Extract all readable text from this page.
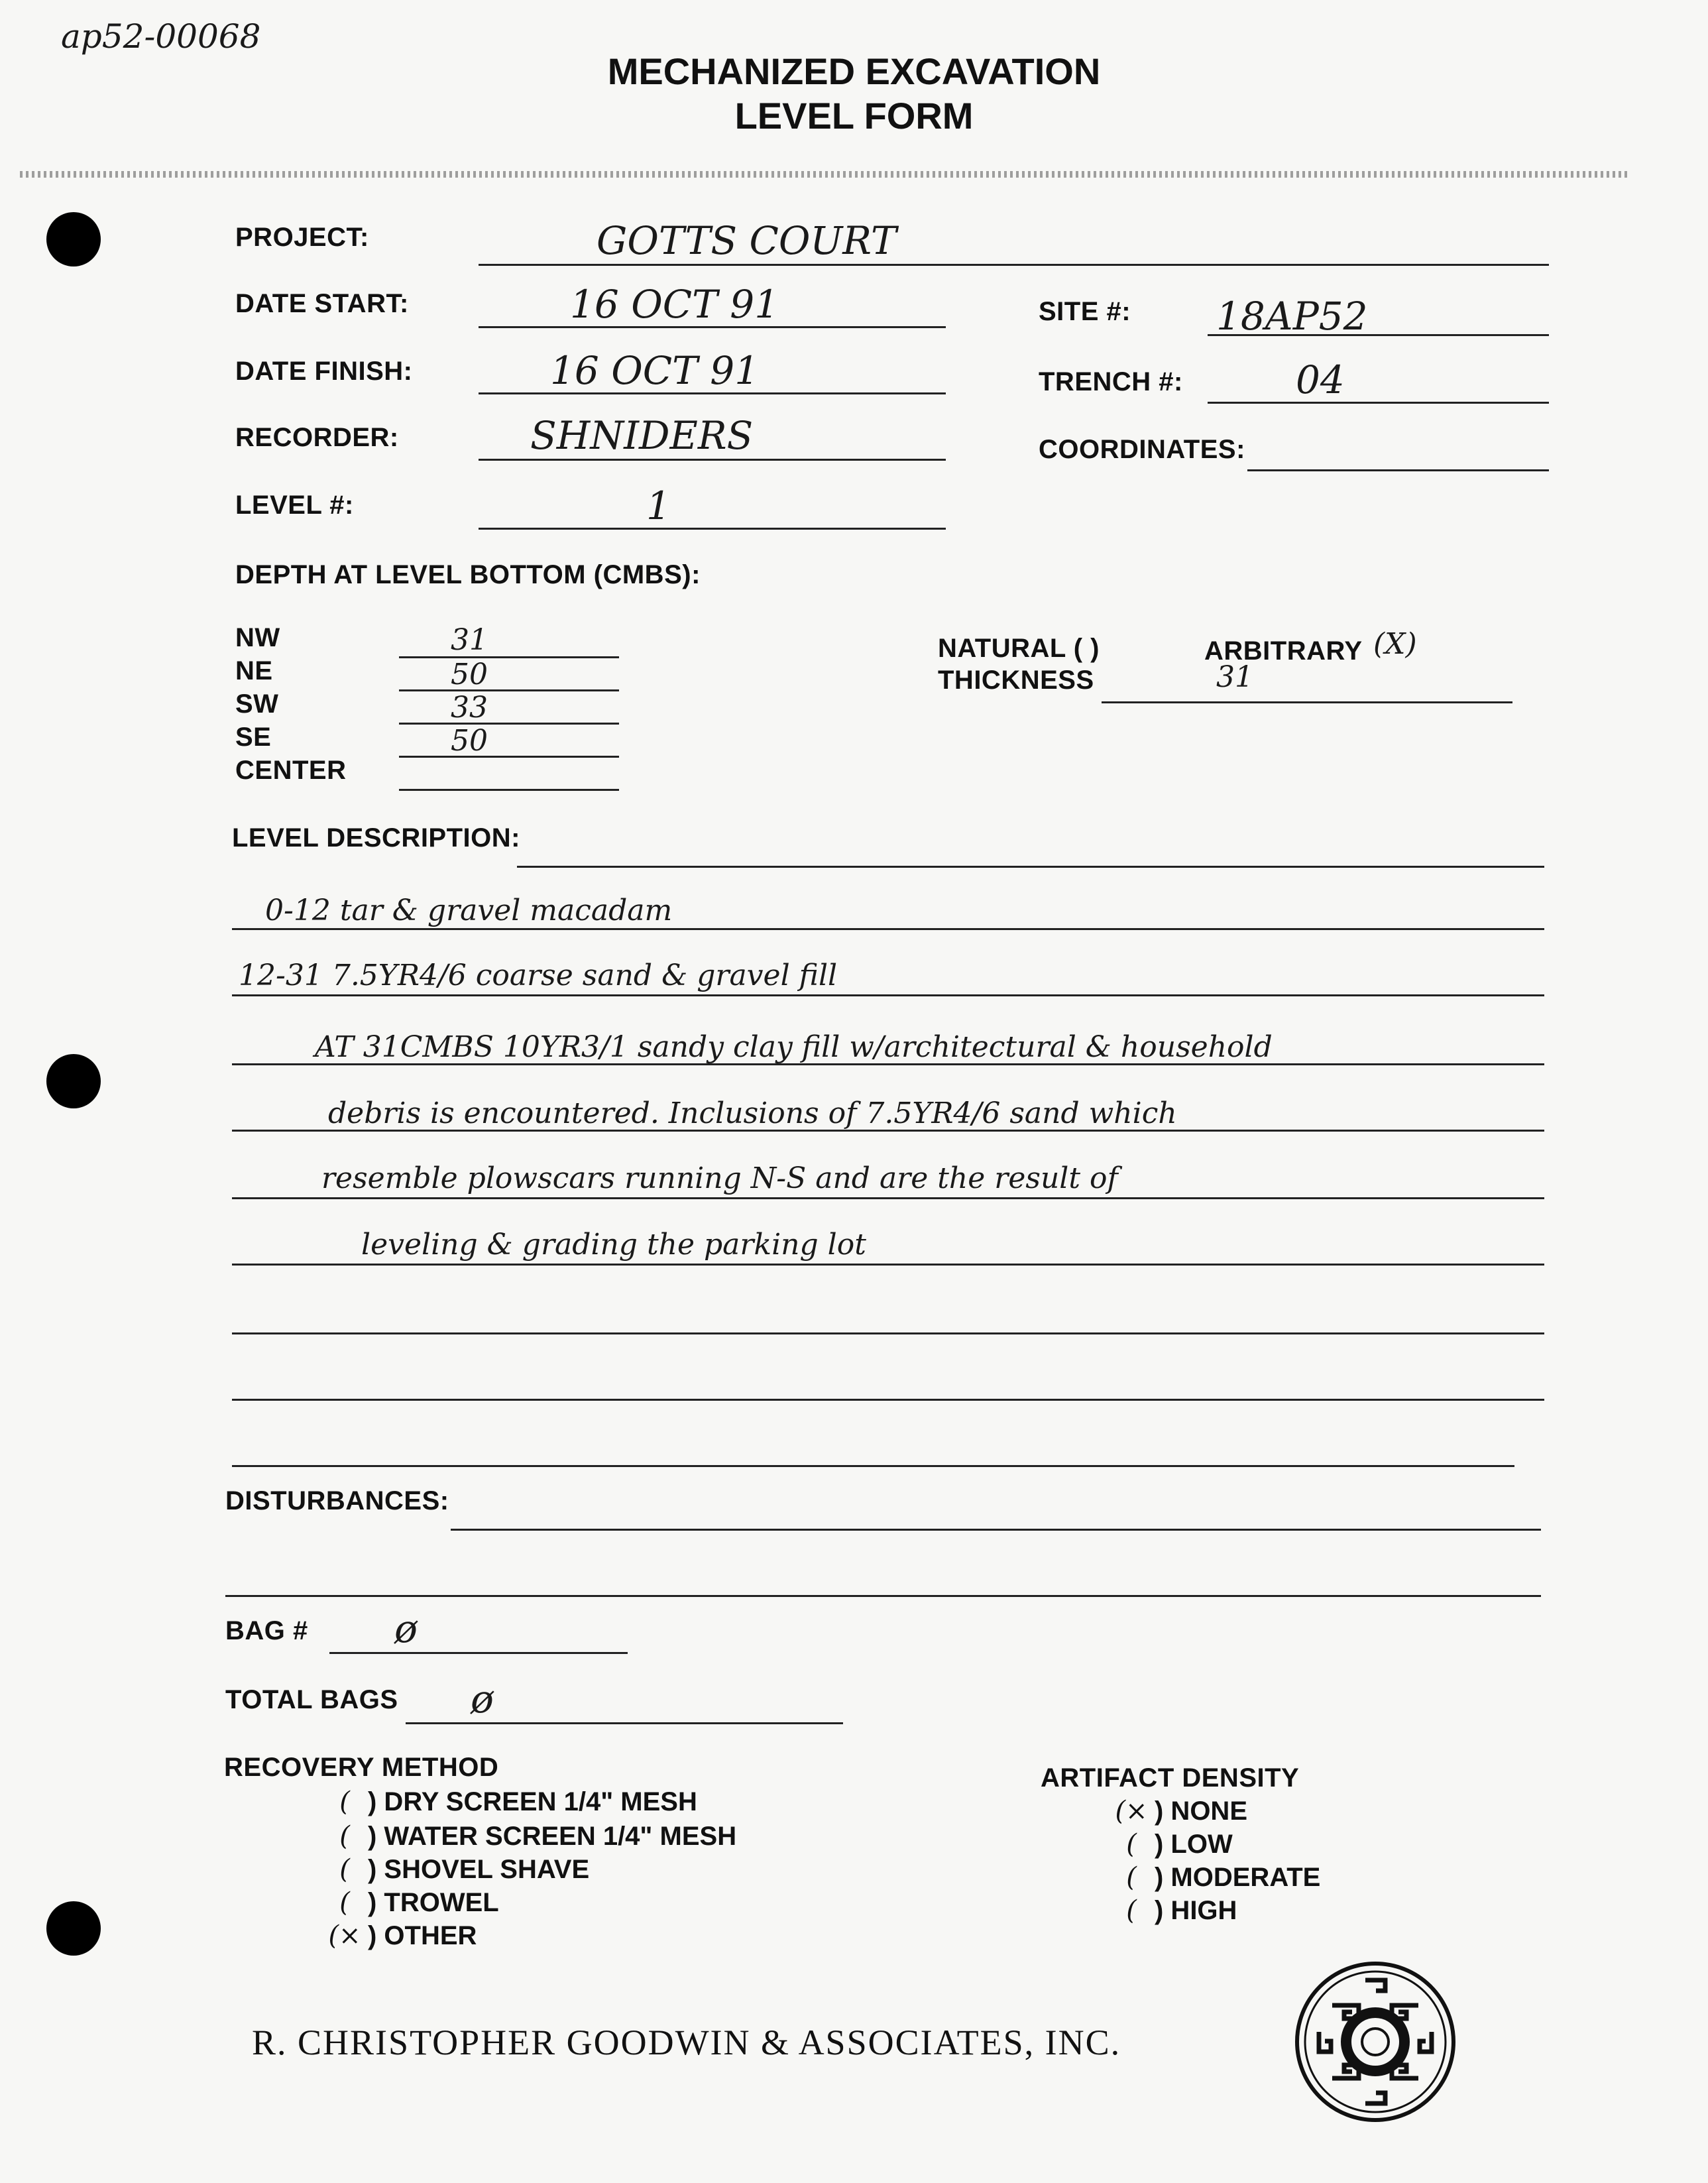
ap52-00068
MECHANIZED EXCAVATION
LEVEL FORM
PROJECT:	GOTTS COURT
DATE START:	16 OCT 91	SITE #: 18AP52
DATE FINISH:	16 OCT 91	TRENCH #:	04
RECORDER:	SHNIDERS	COORDINATES:
LEVEL #:	1
DEPTH AT LEVEL BOTTOM (CMBS):
NW	31
NE	50
SW	33
SE	50
CENTER
NATURAL ( )	ARBITRARY (X)
THICKNESS	31
LEVEL DESCRIPTION:
0-12 tar & gravel macadam
12-31 7.5YR4/6 coarse sand & gravel fill
AT 31CMBS 10YR3/1 sandy clay fill w/architectural & household
debris is encountered. Inclusions of 7.5YR4/6 sand which
resemble plowscars running N-S and are the result of
leveling & grading the parking lot
DISTURBANCES:
BAG # ø
TOTAL BAGS ø
RECOVERY METHOD
() DRY SCREEN 1/4" MESH
() WATER SCREEN 1/4" MESH
() SHOVEL SHAVE
() TROWEL
(× ) OTHER
ARTIFACT DENSITY
(× ) NONE
() LOW
() MODERATE
() HIGH
R. CHRISTOPHER GOODWIN & ASSOCIATES, INC.
